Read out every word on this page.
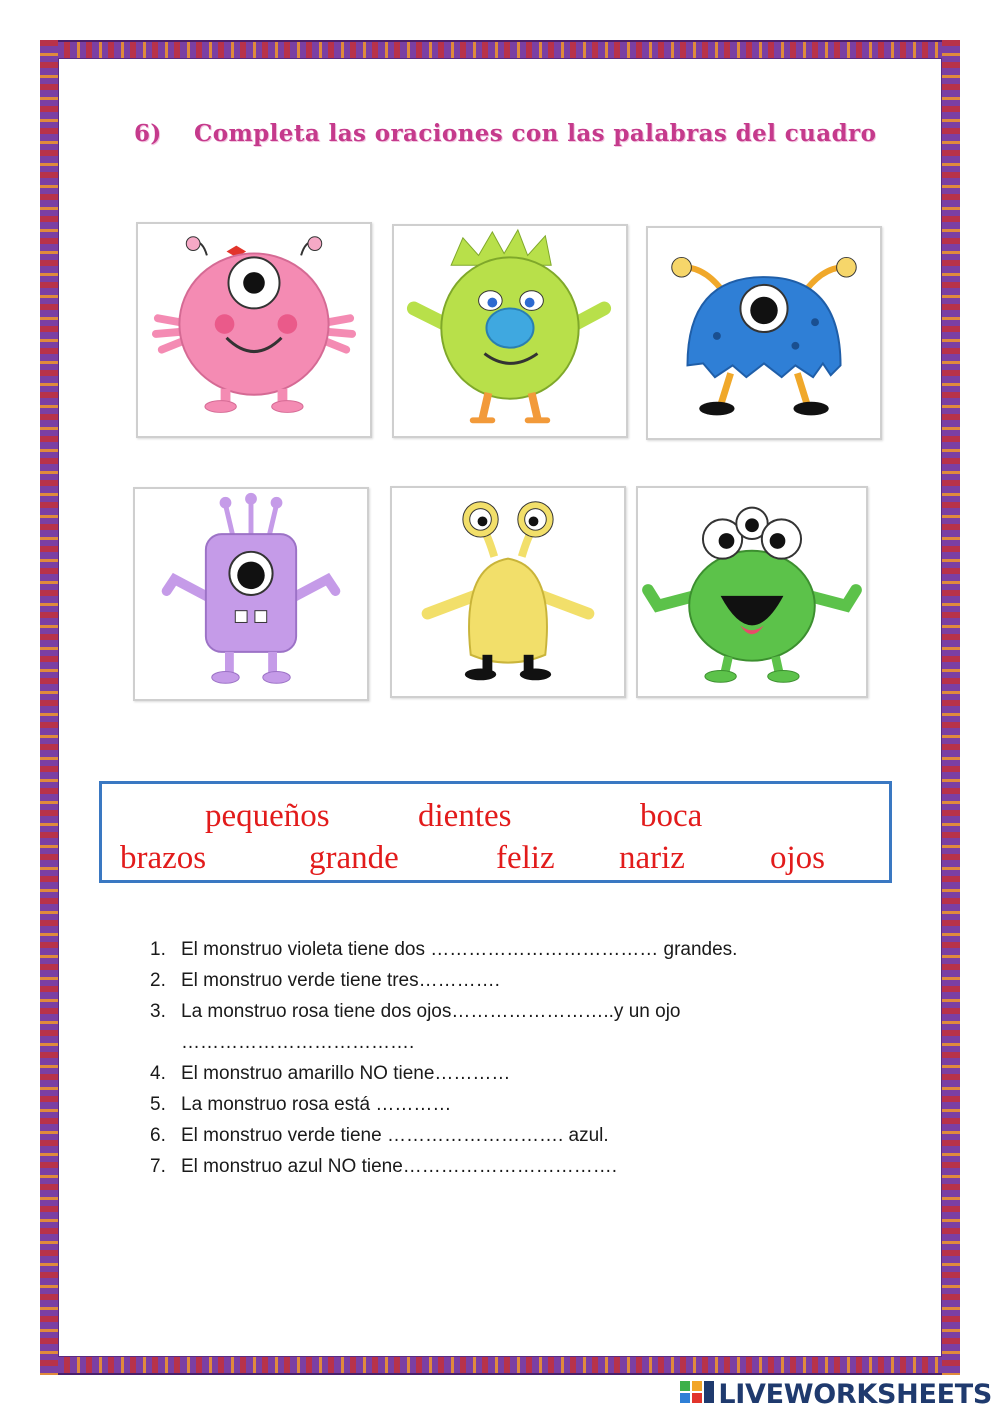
6) Completa las oraciones con las palabras del cuadro
pequeños	dientes	boca
brazos	grande	feliz nariz	ojos
1. El monstruo violeta tiene dos ……………………………… grandes.
2. El monstruo verde tiene tres………….
3. La monstruo rosa tiene dos ojos……………………..y un ojo
……………………………….
4. El monstruo amarillo NO tiene…………
5. La monstruo rosa está …………
6. El monstruo verde tiene ………………………. azul.
7. El monstruo azul NO tiene…………………………….
LIVEWORKSHEETS
